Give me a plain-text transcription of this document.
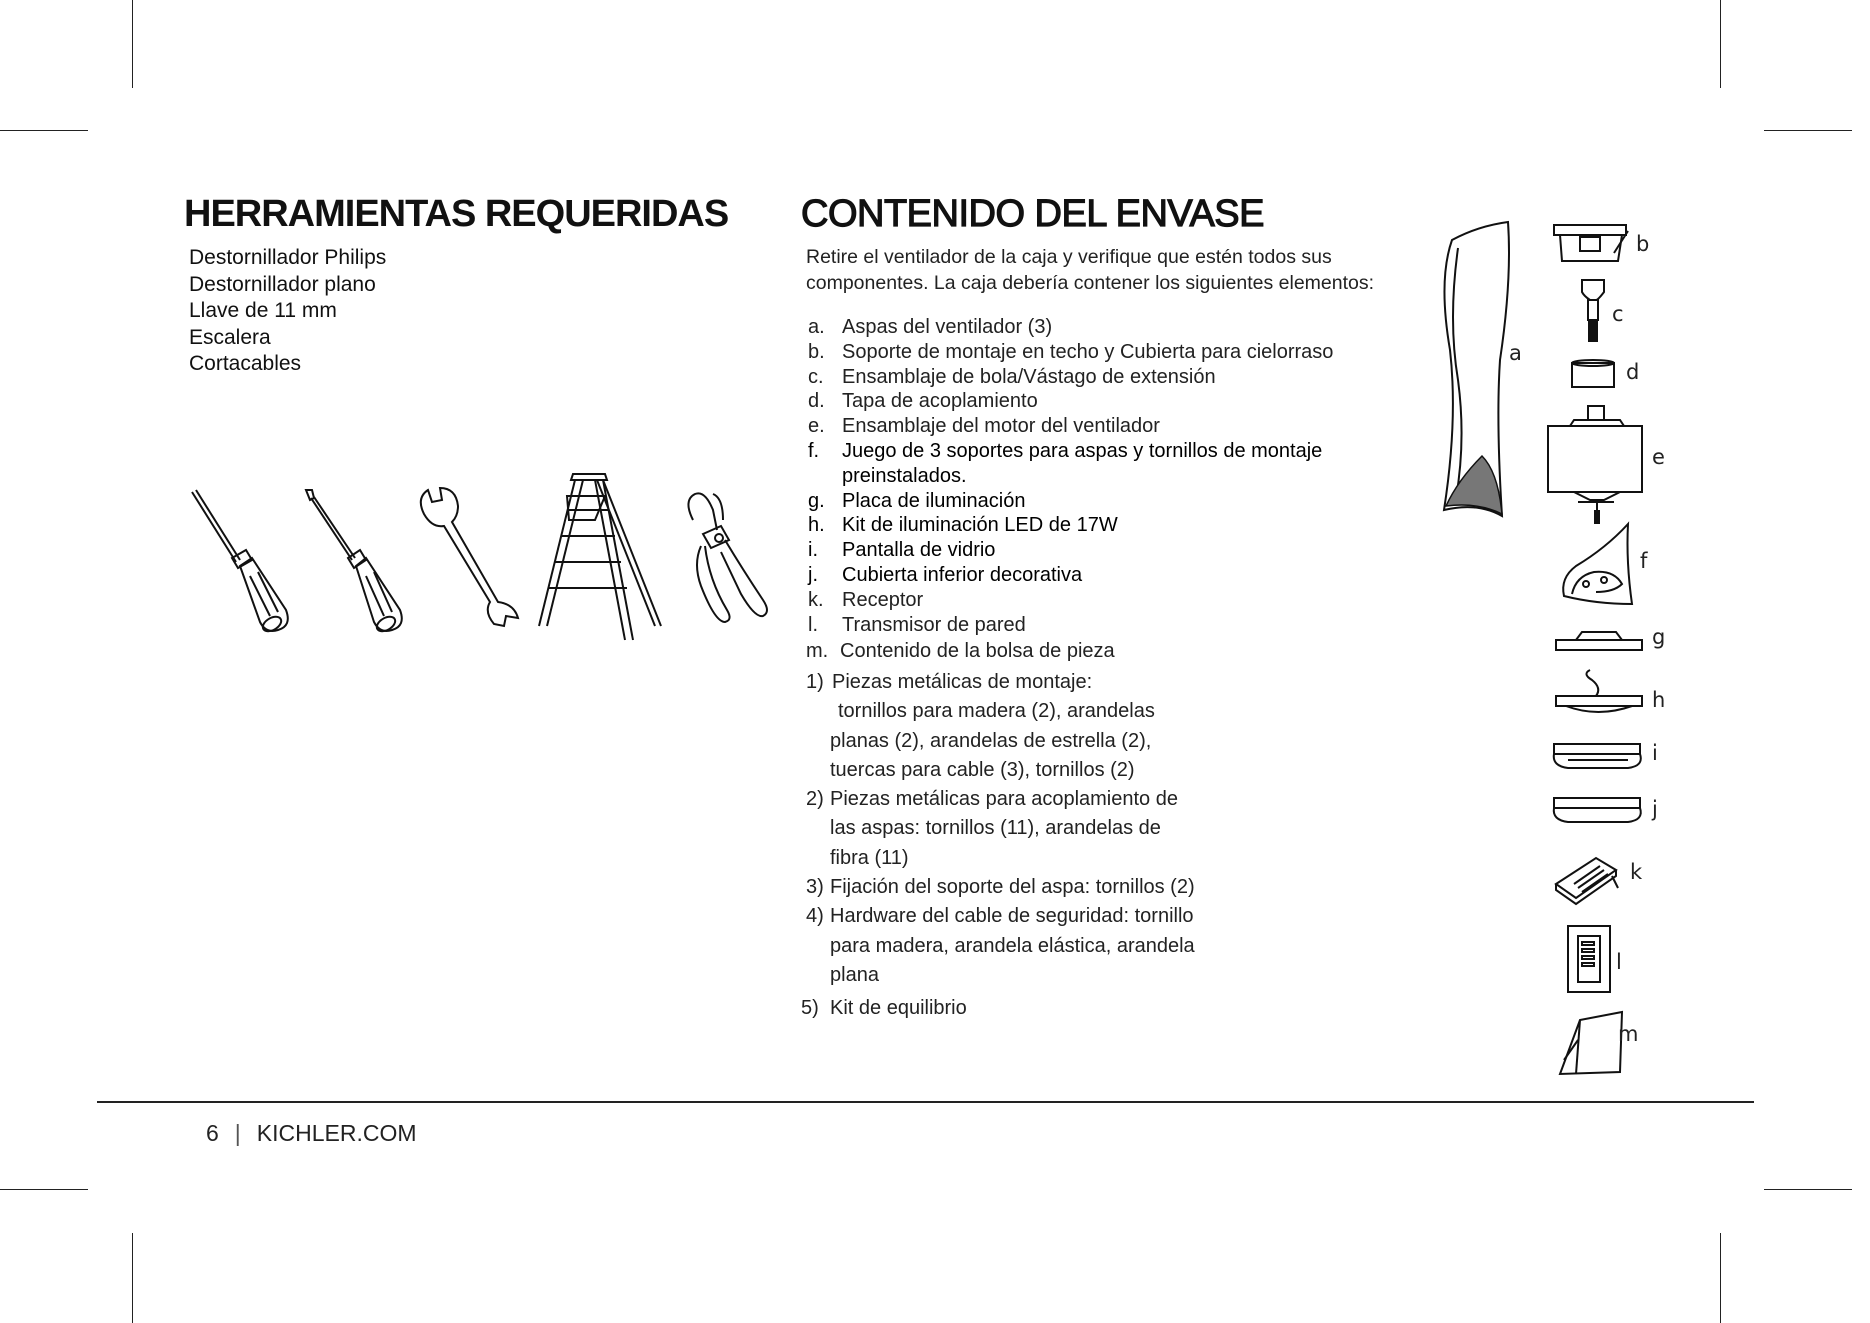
HERRAMIENTAS REQUERIDAS
Destornillador Philips
Destornillador plano
Llave de 11 mm
Escalera
Cortacables
CONTENIDO DEL ENVASE
Retire el ventilador de la caja y verifique que estén todos sus componentes. La caja debería contener los siguientes elementos:
a. Aspas del ventilador (3)
b. Soporte de montaje en techo y Cubierta para cielorraso
c. Ensamblaje de bola/Vástago de extensión
d. Tapa de acoplamiento
e. Ensamblaje del motor del ventilador
f. Juego de 3 soportes para aspas y tornillos de montaje
preinstalados.
g. Placa de iluminación
h. Kit de iluminación LED de 17W
i. Pantalla de vidrio
j. Cubierta inferior decorativa
k. Receptor
l. Transmisor de pared
m. Contenido de la bolsa de pieza
1) Piezas metálicas de montaje:
tornillos para madera (2), arandelas
planas (2), arandelas de estrella (2),
tuercas para cable (3), tornillos (2)
2) Piezas metálicas para acoplamiento de
las aspas: tornillos (11), arandelas de
fibra (11)
3) Fijación del soporte del aspa: tornillos (2)
4) Hardware del cable de seguridad: tornillo
para madera, arandela elástica, arandela
plana
5) Kit de equilibrio
a
b
c
d
e
f
g
h
i
j
k
l
m
6 | KICHLER.COM
